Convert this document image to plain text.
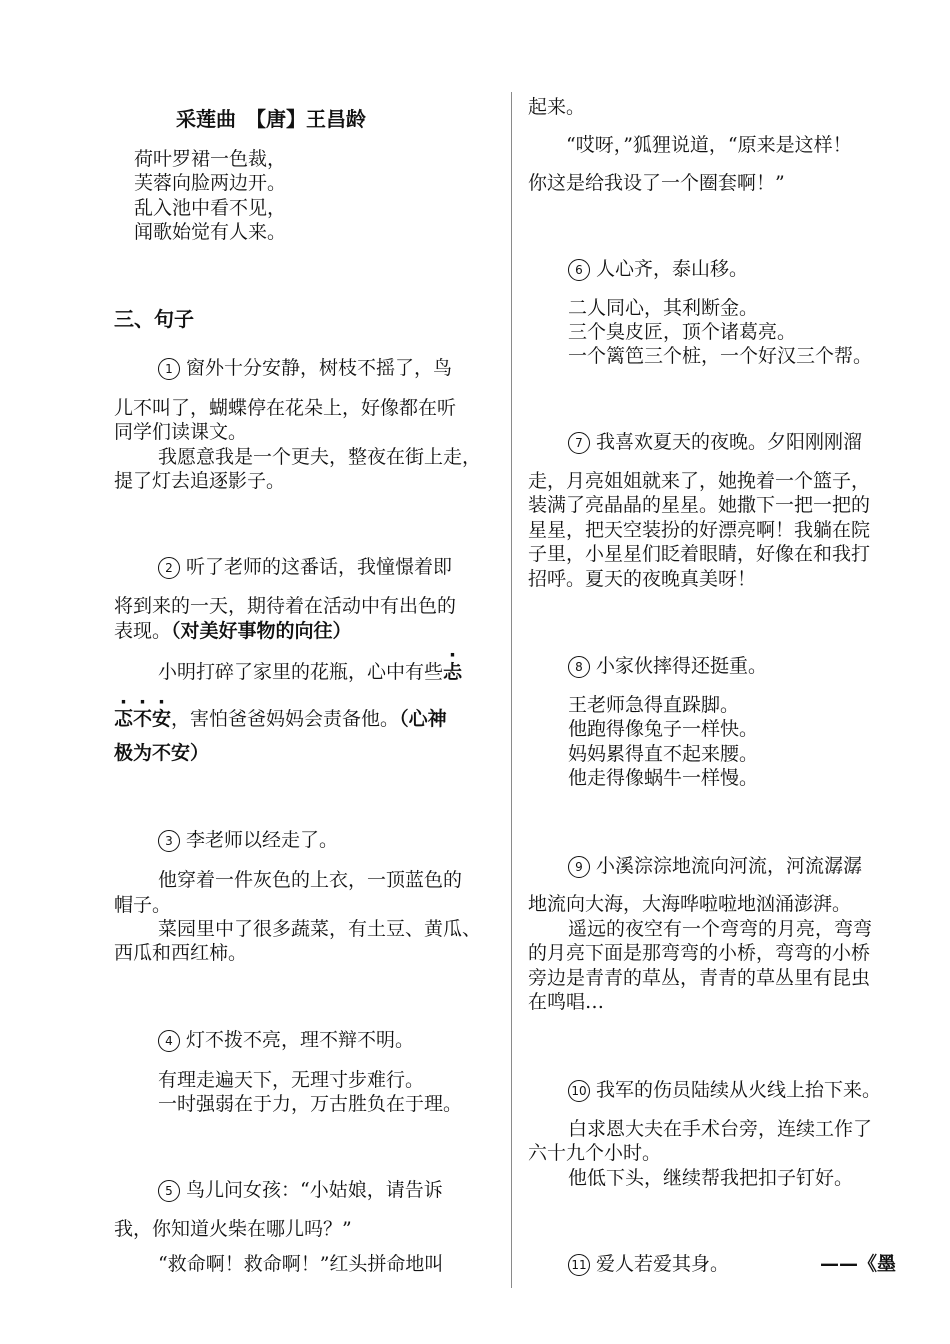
采莲曲　【唐】王昌龄
荷叶罗裙一色裁，
芙蓉向脸两边开。
乱入池中看不见，
闻歌始觉有人来。
三、句子
1 窗外十分安静，树枝不摇了，鸟
儿不叫了，蝴蝶停在花朵上，好像都在听
同学们读课文。
我愿意我是一个更夫，整夜在街上走，
提了灯去追逐影子。
2 听了老师的这番话，我憧憬着即
将到来的一天，期待着在活动中有出色的
表现。（对美好事物的向往）
小明打碎了家里的花瓶，心中有些忐
忑不安，害怕爸爸妈妈会责备他。（心神
极为不安）
3 李老师以经走了。
他穿着一件灰色的上衣，一顶蓝色的
帽子。
菜园里中了很多蔬菜，有土豆、黄瓜、
西瓜和西红柿。
4 灯不拨不亮，理不辩不明。
有理走遍天下，无理寸步难行。
一时强弱在于力，万古胜负在于理。
5 鸟儿问女孩：“小姑娘，请告诉
我，你知道火柴在哪儿吗？”
“救命啊！救命啊！”红头拼命地叫
起来。
“哎呀，”狐狸说道，“原来是这样！
你这是给我设了一个圈套啊！”
6 人心齐，泰山移。
二人同心，其利断金。
三个臭皮匠，顶个诸葛亮。
一个篱笆三个桩，一个好汉三个帮。
7 我喜欢夏天的夜晚。夕阳刚刚溜
走，月亮姐姐就来了，她挽着一个篮子，
装满了亮晶晶的星星。她撒下一把一把的
星星，把天空装扮的好漂亮啊！我躺在院
子里，小星星们眨着眼睛，好像在和我打
招呼。夏天的夜晚真美呀！
8 小家伙摔得还挺重。
王老师急得直跺脚。
他跑得像兔子一样快。
妈妈累得直不起来腰。
他走得像蜗牛一样慢。
9 小溪淙淙地流向河流，河流潺潺
地流向大海，大海哗啦啦地汹涌澎湃。
遥远的夜空有一个弯弯的月亮，弯弯
的月亮下面是那弯弯的小桥，弯弯的小桥
旁边是青青的草丛，青青的草丛里有昆虫
在鸣唱…
10 我军的伤员陆续从火线上抬下来。
白求恩大夫在手术台旁，连续工作了
六十九个小时。
他低下头，继续帮我把扣子钉好。
11 爱人若爱其身。	——《墨
